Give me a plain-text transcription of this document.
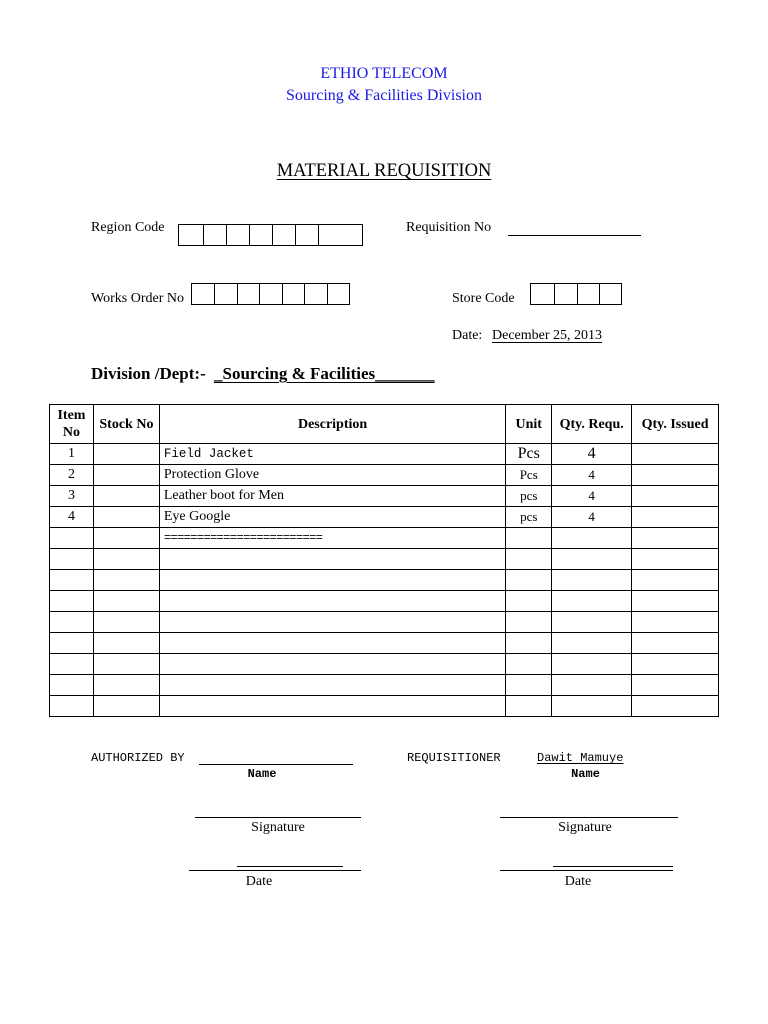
ETHIO TELECOM
Sourcing & Facilities Division
MATERIAL REQUISITION
Region Code	Requisition No
Works Order No	Store Code
Date: December 25, 2013
Division /Dept:- _Sourcing & Facilities_______
Item No	Stock No	Description	Unit	Qty. Requ.	Qty. Issued
1		Field Jacket	Pcs	4	
2		Protection Glove	Pcs	4	
3		Leather boot for Men	pcs	4	
4		Eye Google	pcs	4	
		========================			

AUTHORIZED BY
Name
REQUISITIONER	Dawit Mamuye
Name
Signature	Signature
Date	Date
